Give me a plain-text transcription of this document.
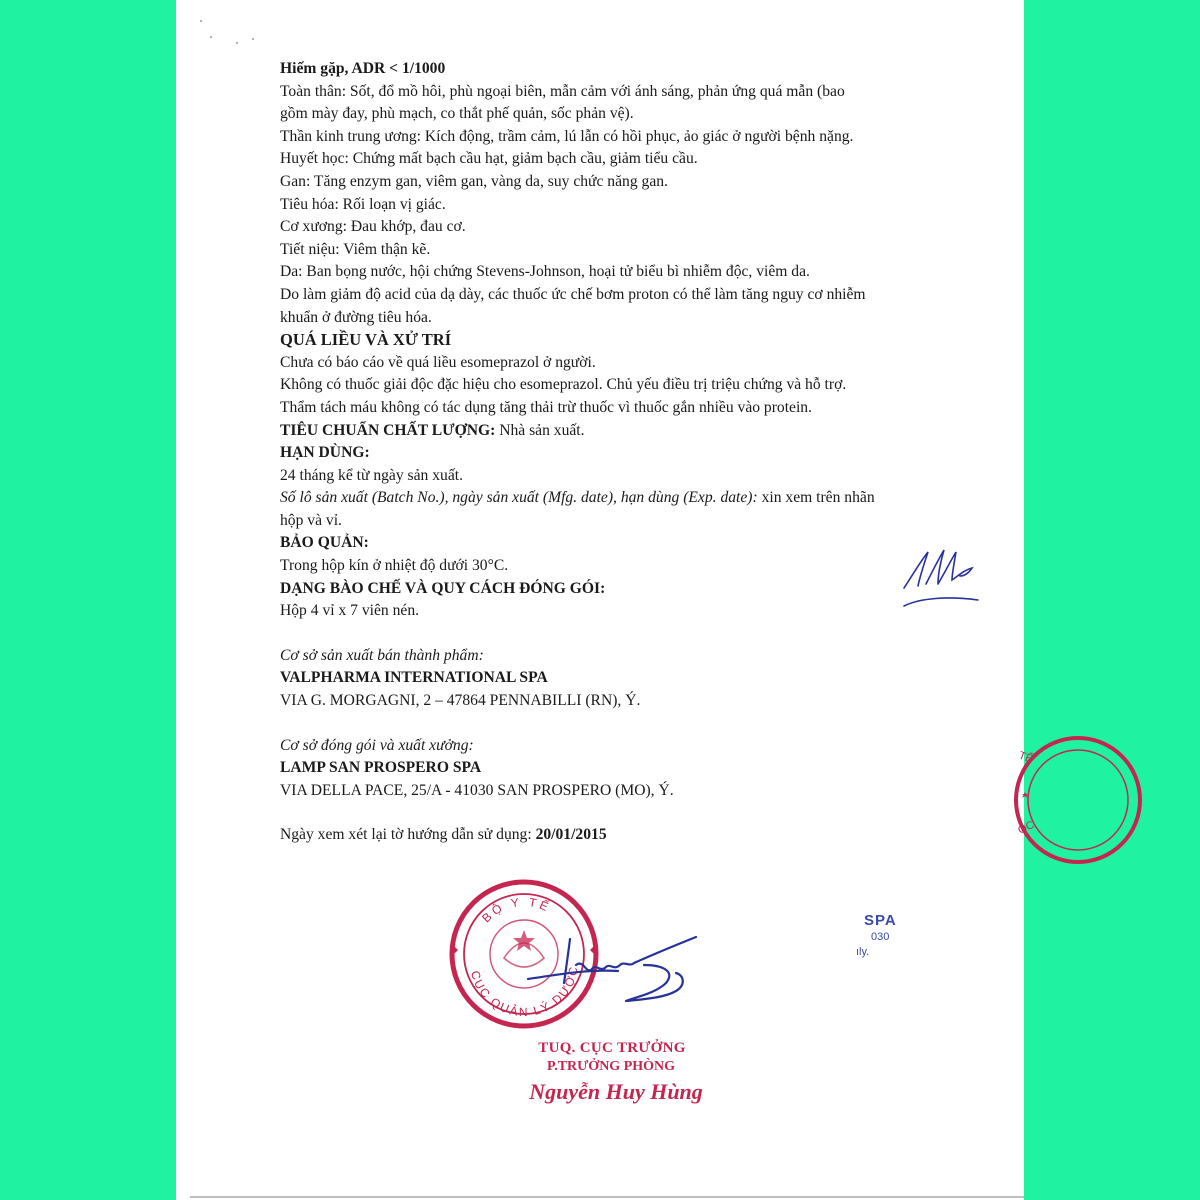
Hiếm gặp, ADR < 1/1000

Toàn thân: Sốt, đổ mồ hôi, phù ngoại biên, mẫn cảm với ánh sáng, phản ứng quá mẫn (bao

gồm mày đay, phù mạch, co thắt phế quản, sốc phản vệ).

Thần kinh trung ương: Kích động, trầm cảm, lú lẫn có hồi phục, ảo giác ở người bệnh nặng.

Huyết học: Chứng mất bạch cầu hạt, giảm bạch cầu, giảm tiểu cầu.

Gan: Tăng enzym gan, viêm gan, vàng da, suy chức năng gan.

Tiêu hóa: Rối loạn vị giác.

Cơ xương: Đau khớp, đau cơ.

Tiết niệu: Viêm thận kẽ.

Da: Ban bọng nước, hội chứng Stevens-Johnson, hoại tử biểu bì nhiễm độc, viêm da.

Do làm giảm độ acid của dạ dày, các thuốc ức chế bơm proton có thể làm tăng nguy cơ nhiễm

khuẩn ở đường tiêu hóa.

QUÁ LIỀU VÀ XỬ TRÍ

Chưa có báo cáo về quá liều esomeprazol ở người.

Không có thuốc giải độc đặc hiệu cho esomeprazol. Chủ yếu điều trị triệu chứng và hỗ trợ.

Thẩm tách máu không có tác dụng tăng thải trừ thuốc vì thuốc gắn nhiều vào protein.

TIÊU CHUẨN CHẤT LƯỢNG: Nhà sản xuất.

HẠN DÙNG:

24 tháng kể từ ngày sản xuất.

Số lô sản xuất (Batch No.), ngày sản xuất (Mfg. date), hạn dùng (Exp. date): xin xem trên nhãn

hộp và vỉ.

BẢO QUẢN:

Trong hộp kín ở nhiệt độ dưới 30°C.

DẠNG BÀO CHẾ VÀ QUY CÁCH ĐÓNG GÓI:

Hộp 4 vỉ x 7 viên nén.

Cơ sở sản xuất bán thành phẩm:

VALPHARMA INTERNATIONAL SPA

VIA G. MORGAGNI, 2 – 47864 PENNABILLI (RN), Ý.

Cơ sở đóng gói và xuất xưởng:

LAMP SAN PROSPERO SPA

VIA DELLA PACE, 25/A - 41030 SAN PROSPERO (MO), Ý.

Ngày xem xét lại tờ hướng dẫn sử dụng: 20/01/2015

TẾ
ỌC
BỘ Y TẾ
CỤC QUẢN LÝ DƯỢC
SPA
030
ıly.
TUQ. CỤC TRƯỞNG
P.TRƯỞNG PHÒNG
Nguyễn Huy Hùng
